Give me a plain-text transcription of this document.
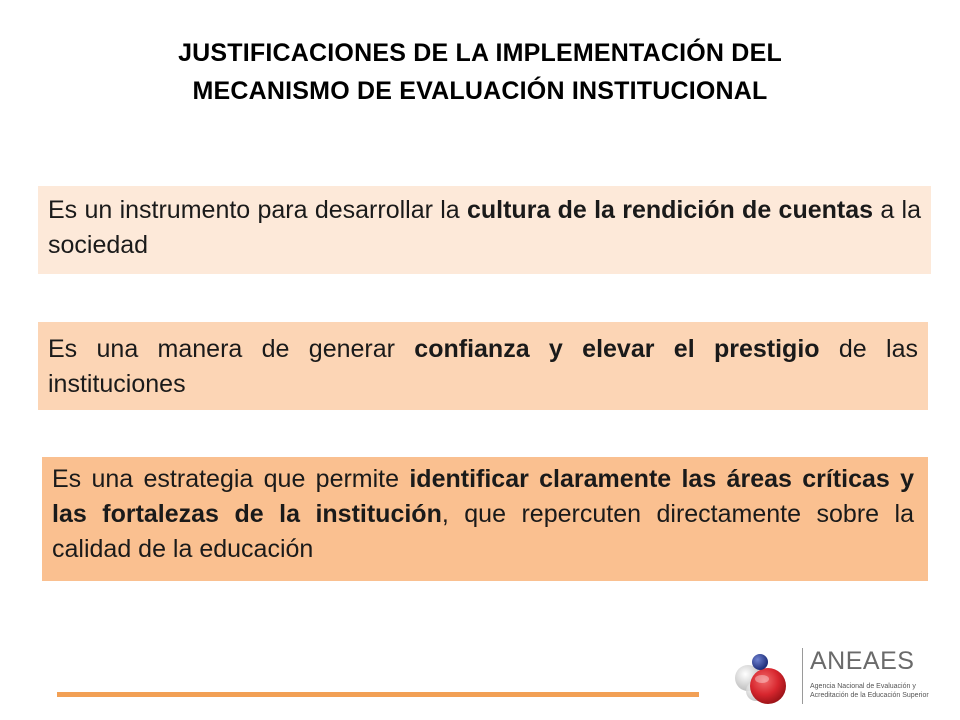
JUSTIFICACIONES DE LA IMPLEMENTACIÓN DEL
MECANISMO DE EVALUACIÓN INSTITUCIONAL
Es un instrumento para desarrollar la cultura de la rendición de cuentas a la sociedad
Es una manera de generar confianza y elevar el prestigio de las instituciones
Es una estrategia que permite identificar claramente las áreas críticas y las fortalezas de la institución, que repercuten directamente sobre la calidad de la educación
ANEAES
Agencia Nacional de Evaluación y
Acreditación de la Educación Superior
